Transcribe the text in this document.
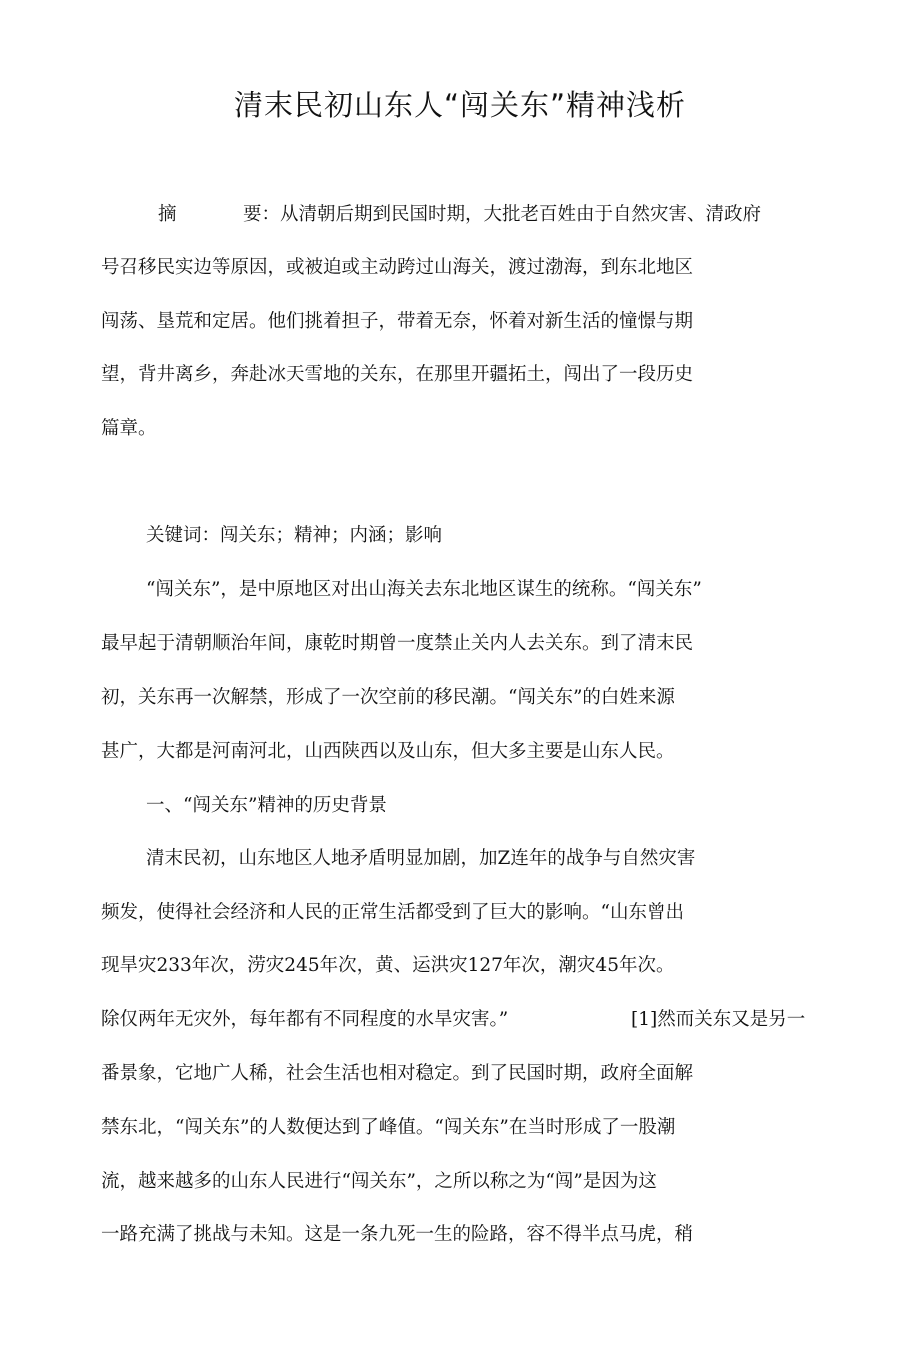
清末民初山东人“闯关东”精神浅析
摘	要：从清朝后期到民国时期，大批老百姓由于自然灾害、清政府
号召移民实边等原因，或被迫或主动跨过山海关，渡过渤海，到东北地区
闯荡、垦荒和定居。他们挑着担子，带着无奈，怀着对新生活的憧憬与期
望，背井离乡，奔赴冰天雪地的关东，在那里开疆拓土，闯出了一段历史
篇章。
关键词：闯关东；精神；内涵；影响
“闯关东”，是中原地区对出山海关去东北地区谋生的统称。“闯关东”
最早起于清朝顺治年间，康乾时期曾一度禁止关内人去关东。到了清末民
初，关东再一次解禁，形成了一次空前的移民潮。“闯关东”的白姓来源
甚广，大都是河南河北，山西陕西以及山东，但大多主要是山东人民。
一、“闯关东”精神的历史背景
清末民初，山东地区人地矛盾明显加剧，加Z连年的战争与自然灾害
频发，使得社会经济和人民的正常生活都受到了巨大的影响。“山东曾出
现旱灾233年次，涝灾245年次，黄、运洪灾127年次，潮灾45年次。
除仅两年无灾外，每年都有不同程度的水旱灾害。”	[1]然而关东又是另一
番景象，它地广人稀，社会生活也相对稳定。到了民国时期，政府全面解
禁东北，“闯关东”的人数便达到了峰值。“闯关东”在当时形成了一股潮
流，越来越多的山东人民进行“闯关东”，之所以称之为“闯”是因为这
一路充满了挑战与未知。这是一条九死一生的险路，容不得半点马虎，稍
